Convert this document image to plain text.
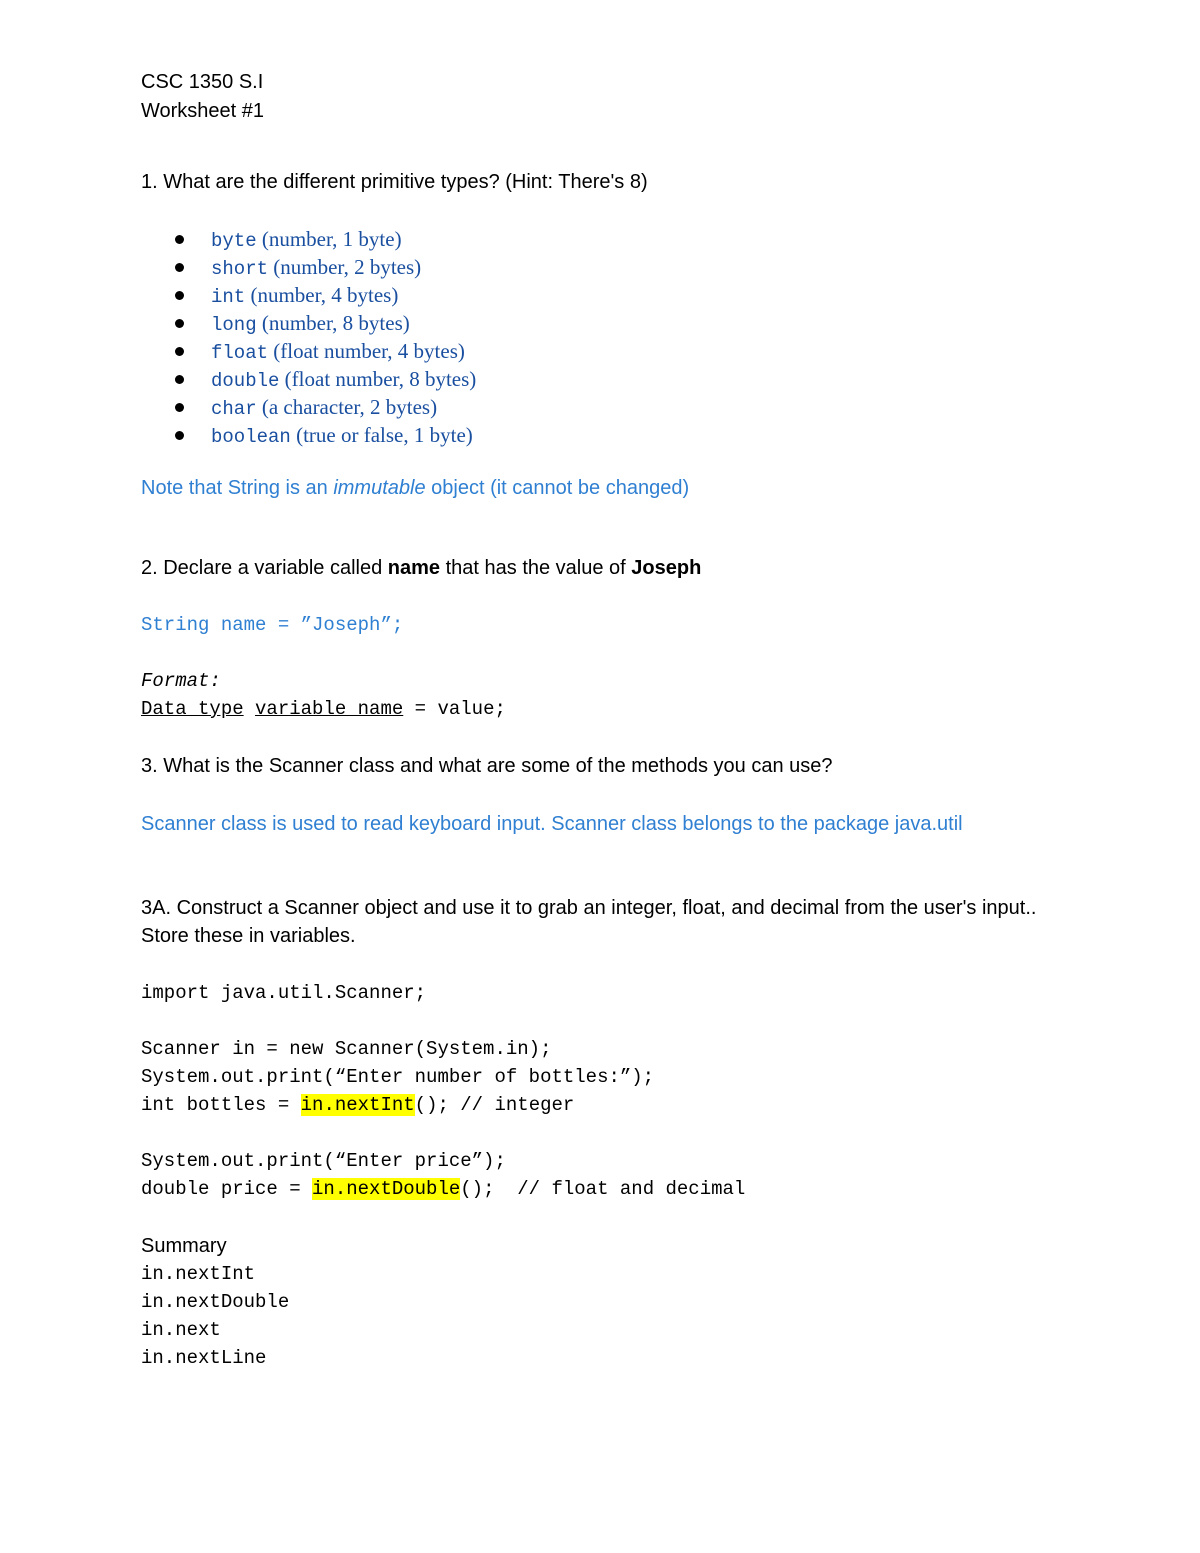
CSC 1350 S.I

Worksheet #1

1. What are the different primitive types? (Hint: There's 8)

byte (number, 1 byte)
short (number, 2 bytes)
int (number, 4 bytes)
long (number, 8 bytes)
float (float number, 4 bytes)
double (float number, 8 bytes)
char (a character, 2 bytes)
boolean (true or false, 1 byte)

Note that String is an immutable object (it cannot be changed)

2. Declare a variable called name that has the value of Joseph

String name = ”Joseph”;

Format:

Data type variable name = value;

3. What is the Scanner class and what are some of the methods you can use?

Scanner class is used to read keyboard input. Scanner class belongs to the package java.util

3A. Construct a Scanner object and use it to grab an integer, float, and decimal from the user's input.. Store these in variables.

import java.util.Scanner;

Scanner in = new Scanner(System.in);

System.out.print(“Enter number of bottles:”);

int bottles = in.nextInt(); // integer

System.out.print(“Enter price”);

double price = in.nextDouble();  // float and decimal

Summary

in.nextInt

in.nextDouble

in.next

in.nextLine
